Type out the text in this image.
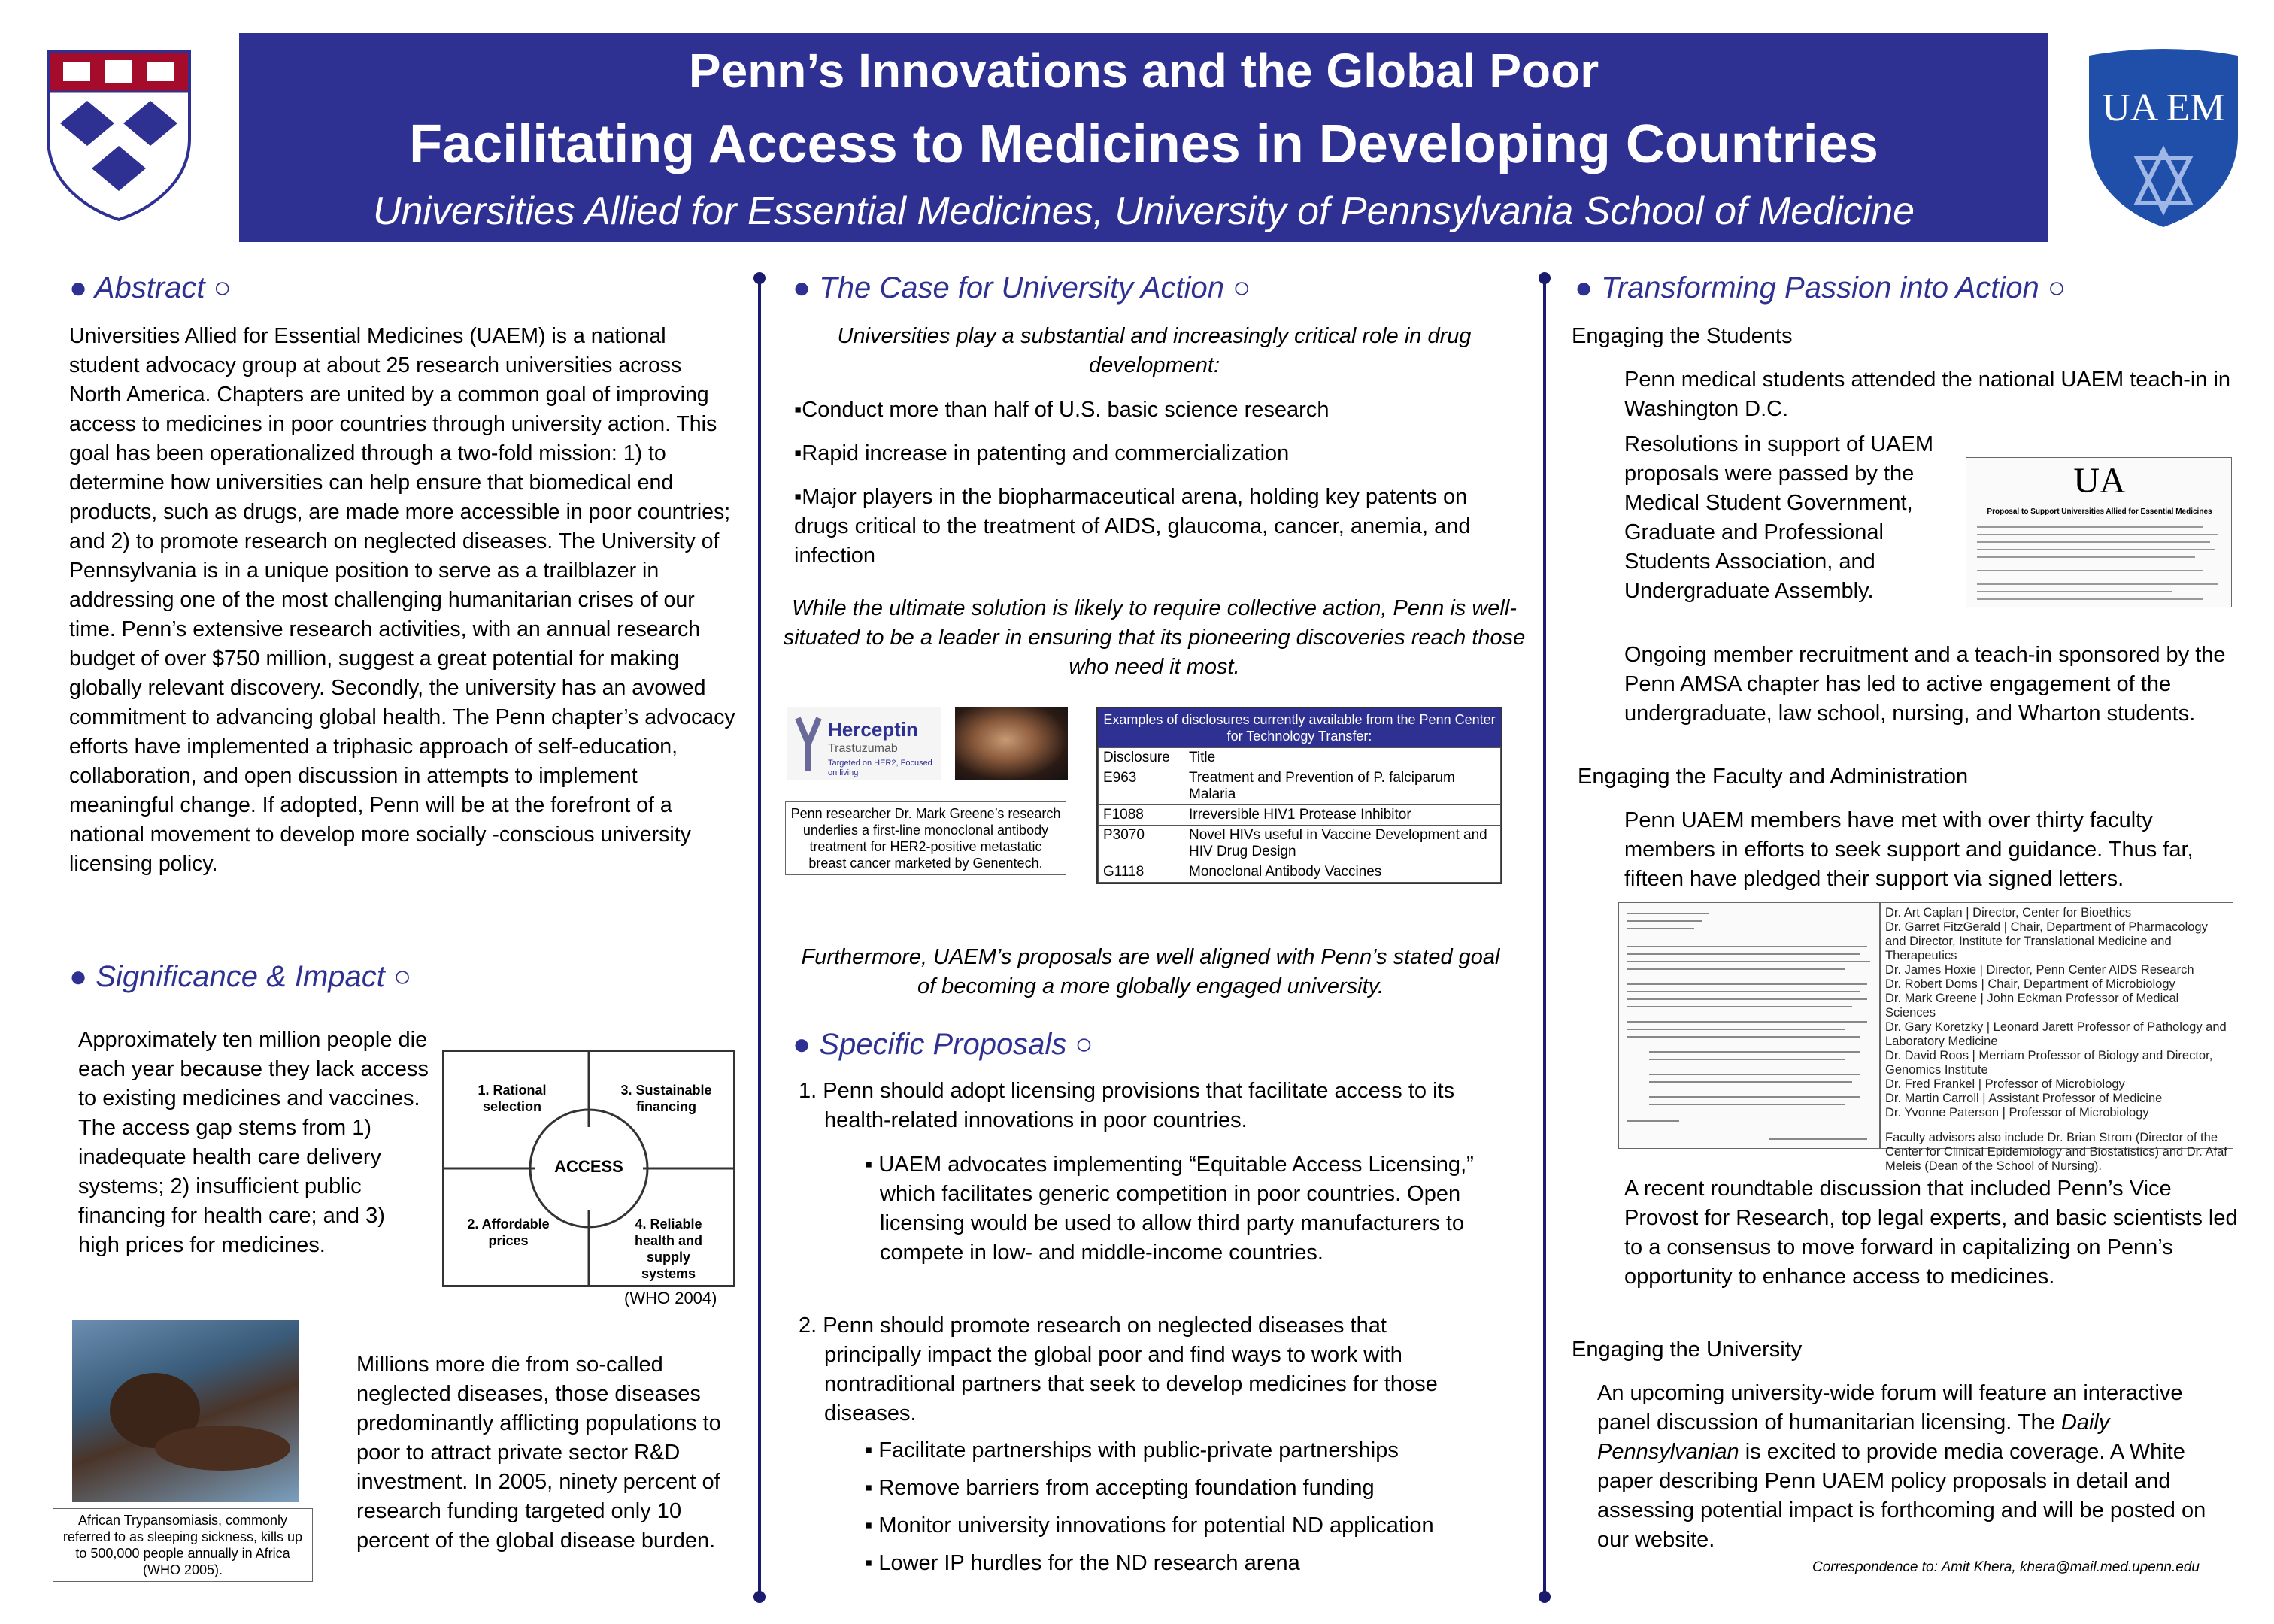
Penn’s Innovations and the Global Poor
Facilitating Access to Medicines in Developing Countries
Universities Allied for Essential Medicines, University of Pennsylvania School of Medicine
UA EM
● Abstract ○
Universities Allied for Essential Medicines (UAEM) is a national student advocacy group at about 25 research universities across North America. Chapters are united by a common goal of improving access to medicines in poor countries through university action. This goal has been operationalized through a two-fold mission: 1) to determine how universities can help ensure that biomedical end products, such as drugs, are made more accessible in poor countries; and 2) to promote research on neglected diseases. The University of Pennsylvania is in a unique position to serve as a trailblazer in addressing one of the most challenging humanitarian crises of our time. Penn’s extensive research activities, with an annual research budget of over $750 million, suggest a great potential for making globally relevant discovery. Secondly, the university has an avowed commitment to advancing global health. The Penn chapter’s advocacy efforts have implemented a triphasic approach of self-education, collaboration, and open discussion in attempts to implement meaningful change. If adopted, Penn will be at the forefront of a national movement to develop more socially -conscious university licensing policy.
● Significance & Impact ○
Approximately ten million people die each year because they lack access to existing medicines and vaccines. The access gap stems from 1) inadequate health care delivery systems; 2) insufficient public financing for health care; and 3) high prices for medicines.
1. Rational selection
3. Sustainable financing
ACCESS
2. Affordable prices
4. Reliable health and supply systems
(WHO 2004)
African Trypansomiasis, commonly referred to as sleeping sickness, kills up to 500,000 people annually in Africa (WHO 2005).
Millions more die from so-called neglected diseases, those diseases predominantly afflicting populations to poor to attract private sector R&D investment. In 2005, ninety percent of research funding targeted only 10 percent of the global disease burden.
● The Case for University Action ○
Universities play a substantial and increasingly critical role in drug development:
▪Conduct more than half of U.S. basic science research
▪Rapid increase in patenting and commercialization
▪Major players in the biopharmaceutical arena, holding key patents on drugs critical to the treatment of AIDS, glaucoma, cancer, anemia, and infection
While the ultimate solution is likely to require collective action, Penn is well-situated to be a leader in ensuring that its pioneering discoveries reach those who need it most.
Herceptin
Trastuzumab
Targeted on HER2, Focused on living
Penn researcher Dr. Mark Greene’s research underlies a first-line monoclonal antibody treatment for HER2-positive metastatic breast cancer marketed by Genentech.
Examples of disclosures currently available from the Penn Center for Technology Transfer:
Disclosure	Title
E963	Treatment and Prevention of P. falciparum Malaria
F1088	Irreversible HIV1 Protease Inhibitor
P3070	Novel HIVs useful in Vaccine Development and HIV Drug Design
G1118	Monoclonal Antibody Vaccines
Furthermore, UAEM’s proposals are well aligned with Penn’s stated goal of becoming a more globally engaged university.
● Specific Proposals ○
1. Penn should adopt licensing provisions that facilitate access to its health-related innovations in poor countries.
▪ UAEM advocates implementing “Equitable Access Licensing,” which facilitates generic competition in poor countries. Open licensing would be used to allow third party manufacturers to compete in low- and middle-income countries.
2. Penn should promote research on neglected diseases that principally impact the global poor and find ways to work with nontraditional partners that seek to develop medicines for those diseases.
▪ Facilitate partnerships with public-private partnerships
▪ Remove barriers from accepting foundation funding
▪ Monitor university innovations for potential ND application
▪ Lower IP hurdles for the ND research arena
● Transforming Passion into Action ○
Engaging the Students
Penn medical students attended the national UAEM teach-in in Washington D.C.
Resolutions in support of UAEM proposals were passed by the Medical Student Government, Graduate and Professional Students Association, and Undergraduate Assembly.
UA
Proposal to Support Universities Allied for Essential Medicines
Ongoing member recruitment and a teach-in sponsored by the Penn AMSA chapter has led to active engagement of the undergraduate, law school, nursing, and Wharton students.
Engaging the Faculty and Administration
Penn UAEM members have met with over thirty faculty members in efforts to seek support and guidance. Thus far, fifteen have pledged their support via signed letters.
Dr. Art Caplan | Director, Center for Bioethics
Dr. Garret FitzGerald | Chair, Department of Pharmacology and Director, Institute for Translational Medicine and Therapeutics
Dr. James Hoxie | Director, Penn Center AIDS Research
Dr. Robert Doms | Chair, Department of Microbiology
Dr. Mark Greene | John Eckman Professor of Medical Sciences
Dr. Gary Koretzky | Leonard Jarett Professor of Pathology and Laboratory Medicine
Dr. David Roos | Merriam Professor of Biology and Director, Genomics Institute
Dr. Fred Frankel | Professor of Microbiology
Dr. Martin Carroll | Assistant Professor of Medicine
Dr. Yvonne Paterson | Professor of Microbiology
Faculty advisors also include Dr. Brian Strom (Director of the Center for Clinical Epidemiology and Biostatistics) and Dr. Afaf Meleis (Dean of the School of Nursing).
A recent roundtable discussion that included Penn’s Vice Provost for Research, top legal experts, and basic scientists led to a consensus to move forward in capitalizing on Penn’s opportunity to enhance access to medicines.
Engaging the University
An upcoming university-wide forum will feature an interactive panel discussion of humanitarian licensing. The Daily Pennsylvanian is excited to provide media coverage. A White paper describing Penn UAEM policy proposals in detail and assessing potential impact is forthcoming and will be posted on our website.
Correspondence to: Amit Khera, khera@mail.med.upenn.edu
